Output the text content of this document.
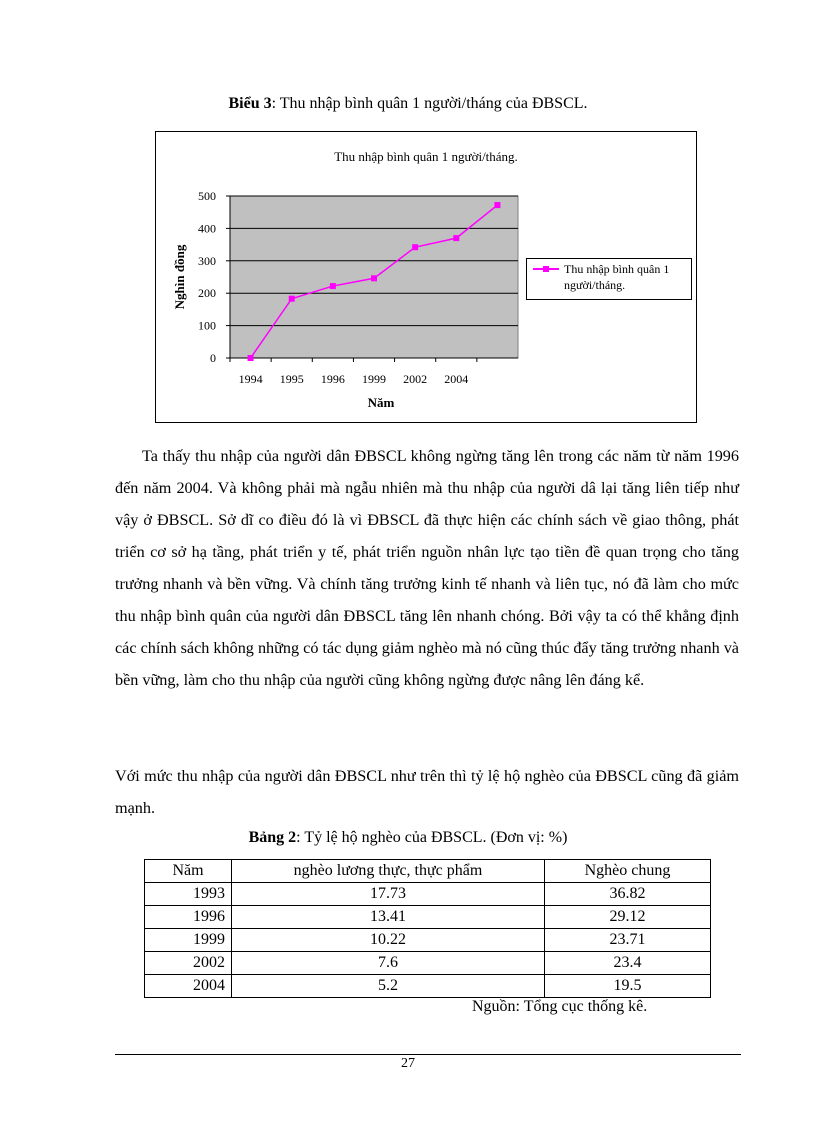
Biểu 3: Thu nhập bình quân 1 người/tháng của ĐBSCL.
Thu nhập bình quân 1 người/tháng.
0
100
200
300
400
500
1994 1995 1996 1999 2002 2004
Năm
Nghìn đồng	Thu nhập bình quân 1 người/tháng.

Ta thấy thu nhập của người dân ĐBSCL không ngừng tăng lên trong các năm từ năm 1996 đến năm 2004. Và không phải mà ngẫu nhiên mà thu nhập của người dâ lại tăng liên tiếp như vậy ở ĐBSCL. Sở dĩ co điều đó là vì ĐBSCL đã thực hiện các chính sách về giao thông, phát triển cơ sở hạ tầng, phát triển y tế, phát triển nguồn nhân lực tạo tiền đề quan trọng cho tăng trưởng nhanh và bền vững. Và chính tăng trưởng kinh tế nhanh và liên tục, nó đã làm cho mức thu nhập bình quân của người dân ĐBSCL tăng lên nhanh chóng. Bởi vậy ta có thể khẳng định các chính sách không những có tác dụng giảm nghèo mà nó cũng thúc đẩy tăng trưởng nhanh và bền vững, làm cho thu nhập của người cũng không ngừng được nâng lên đáng kể.

Với mức thu nhập của người dân ĐBSCL như trên thì tỷ lệ hộ nghèo của ĐBSCL cũng đã giảm mạnh.

Bảng 2: Tỷ lệ hộ nghèo của ĐBSCL. (Đơn vị: %)
Năm	nghèo lương thực, thực phẩm	Nghèo chung
1993	17.73	36.82
1996	13.41	29.12
1999	10.22	23.71
2002	7.6	23.4
2004	5.2	19.5
Nguồn: Tổng cục thống kê.
27
